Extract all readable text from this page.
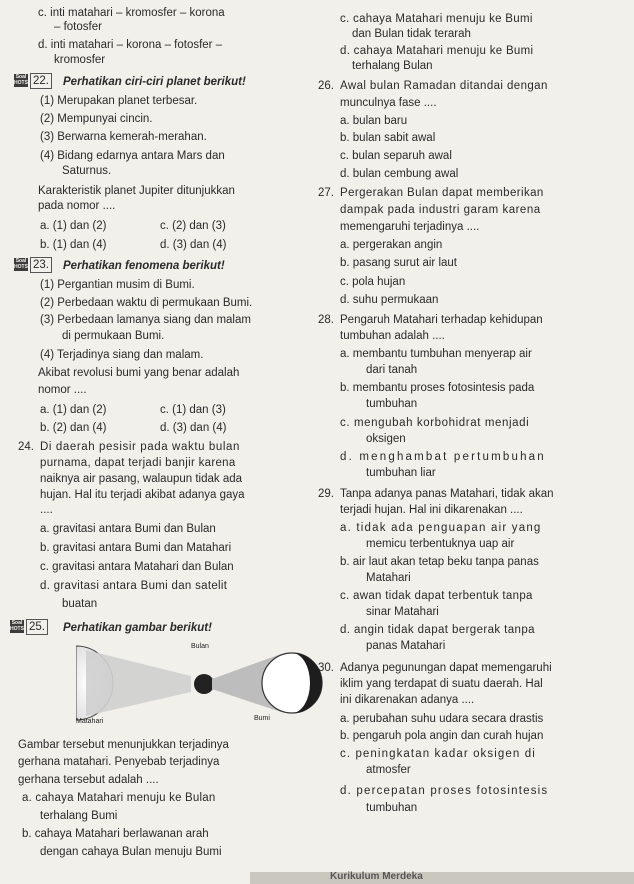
c. inti matahari – kromosfer – korona
– fotosfer
d. inti matahari – korona – fotosfer –
kromosfer
Soal HOTS 22. Perhatikan ciri-ciri planet berikut!
(1) Merupakan planet terbesar.
(2) Mempunyai cincin.
(3) Berwarna kemerah-merahan.
(4) Bidang edarnya antara Mars dan
Saturnus.
Karakteristik planet Jupiter ditunjukkan
pada nomor ....
a. (1) dan (2)	c. (2) dan (3)
b. (1) dan (4)	d. (3) dan (4)
Soal HOTS 23. Perhatikan fenomena berikut!
(1) Pergantian musim di Bumi.
(2) Perbedaan waktu di permukaan Bumi.
(3) Perbedaan lamanya siang dan malam
di permukaan Bumi.
(4) Terjadinya siang dan malam.
Akibat revolusi bumi yang benar adalah
nomor ....
a. (1) dan (2)	c. (1) dan (3)
b. (2) dan (4)	d. (3) dan (4)
24. Di daerah pesisir pada waktu bulan
purnama, dapat terjadi banjir karena
naiknya air pasang, walaupun tidak ada
hujan. Hal itu terjadi akibat adanya gaya
....
a. gravitasi antara Bumi dan Bulan
b. gravitasi antara Bumi dan Matahari
c. gravitasi antara Matahari dan Bulan
d. gravitasi antara Bumi dan satelit
buatan
Soal HOTS 25. Perhatikan gambar berikut!
Bulan
Matahari	Bumi
Gambar tersebut menunjukkan terjadinya
gerhana matahari. Penyebab terjadinya
gerhana tersebut adalah ....
a. cahaya Matahari menuju ke Bulan
terhalang Bumi
b. cahaya Matahari berlawanan arah
dengan cahaya Bulan menuju Bumi
c. cahaya Matahari menuju ke Bumi
dan Bulan tidak terarah
d. cahaya Matahari menuju ke Bumi
terhalang Bulan
26. Awal bulan Ramadan ditandai dengan
munculnya fase ....
a. bulan baru
b. bulan sabit awal
c. bulan separuh awal
d. bulan cembung awal
27. Pergerakan Bulan dapat memberikan
dampak pada industri garam karena
memengaruhi terjadinya ....
a. pergerakan angin
b. pasang surut air laut
c. pola hujan
d. suhu permukaan
28. Pengaruh Matahari terhadap kehidupan
tumbuhan adalah ....
a. membantu tumbuhan menyerap air
dari tanah
b. membantu proses fotosintesis pada
tumbuhan
c. mengubah korbohidrat menjadi
oksigen
d. menghambat pertumbuhan
tumbuhan liar
29. Tanpa adanya panas Matahari, tidak akan
terjadi hujan. Hal ini dikarenakan ....
a. tidak ada penguapan air yang
memicu terbentuknya uap air
b. air laut akan tetap beku tanpa panas
Matahari
c. awan tidak dapat terbentuk tanpa
sinar Matahari
d. angin tidak dapat bergerak tanpa
panas Matahari
30. Adanya pegunungan dapat memengaruhi
iklim yang terdapat di suatu daerah. Hal
ini dikarenakan adanya ....
a. perubahan suhu udara secara drastis
b. pengaruh pola angin dan curah hujan
c. peningkatan kadar oksigen di
atmosfer
d. percepatan proses fotosintesis
tumbuhan
Kurikulum Merdeka
